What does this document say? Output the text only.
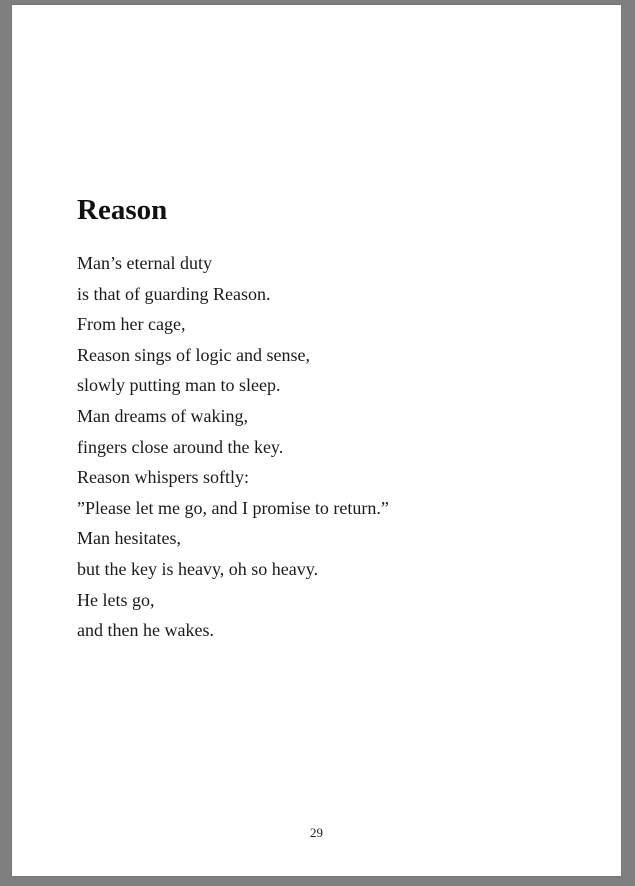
Reason
Man’s eternal duty
is that of guarding Reason.
From her cage,
Reason sings of logic and sense,
slowly putting man to sleep.
Man dreams of waking,
fingers close around the key.
Reason whispers softly:
”Please let me go, and I promise to return.”
Man hesitates,
but the key is heavy, oh so heavy.
He lets go,
and then he wakes.
29
